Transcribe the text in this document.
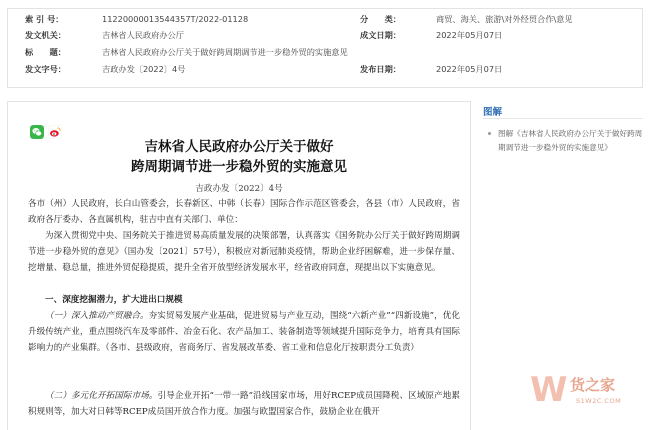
索 引 号：	11220000013544357T/2022-01128	分　　类：	商贸、海关、旅游\对外经贸合作\意见
发文机关：	吉林省人民政府办公厅	成文日期：	2022年05月07日
标　　题：	吉林省人民政府办公厅关于做好跨周期调节进一步稳外贸的实施意见
发文字号：	吉政办发〔2022〕4号	发布日期：	2022年05月07日
吉林省人民政府办公厅关于做好
跨周期调节进一步稳外贸的实施意见
吉政办发〔2022〕4号
各市（州）人民政府，长白山管委会，长春新区、中韩（长春）国际合作示范区管委会，各县（市）人民政府，省政府各厅委办、各直属机构，驻吉中直有关部门、单位：
为深入贯彻党中央、国务院关于推进贸易高质量发展的决策部署，认真落实《国务院办公厅关于做好跨周期调节进一步稳外贸的意见》（国办发〔2021〕57号），积极应对新冠肺炎疫情，帮助企业纾困解难，进一步保存量、挖增量、稳总量，推进外贸促稳提质，提升全省开放型经济发展水平，经省政府同意，现提出以下实施意见。
一、深度挖掘潜力，扩大进出口规模
（一）深入推动产贸融合。夯实贸易发展产业基础，促进贸易与产业互动，围绕“六新产业”“四新设施”，优化升级传统产业，重点围绕汽车及零部件、冶金石化、农产品加工、装备制造等领域提升国际竞争力，培育具有国际影响力的产业集群。（各市、县级政府，省商务厅、省发展改革委、省工业和信息化厅按职责分工负责）
（二）多元化开拓国际市场。引导企业开拓“一带一路”沿线国家市场，用好RCEP成员国降税、区域原产地累积规则等，加大对日韩等RCEP成员国开放合作力度。加强与欧盟国家合作，鼓励企业在俄开
图解
图解《吉林省人民政府办公厅关于做好跨周期调节进一步稳外贸的实施意见》
W 货之家
S1W2C.COM
